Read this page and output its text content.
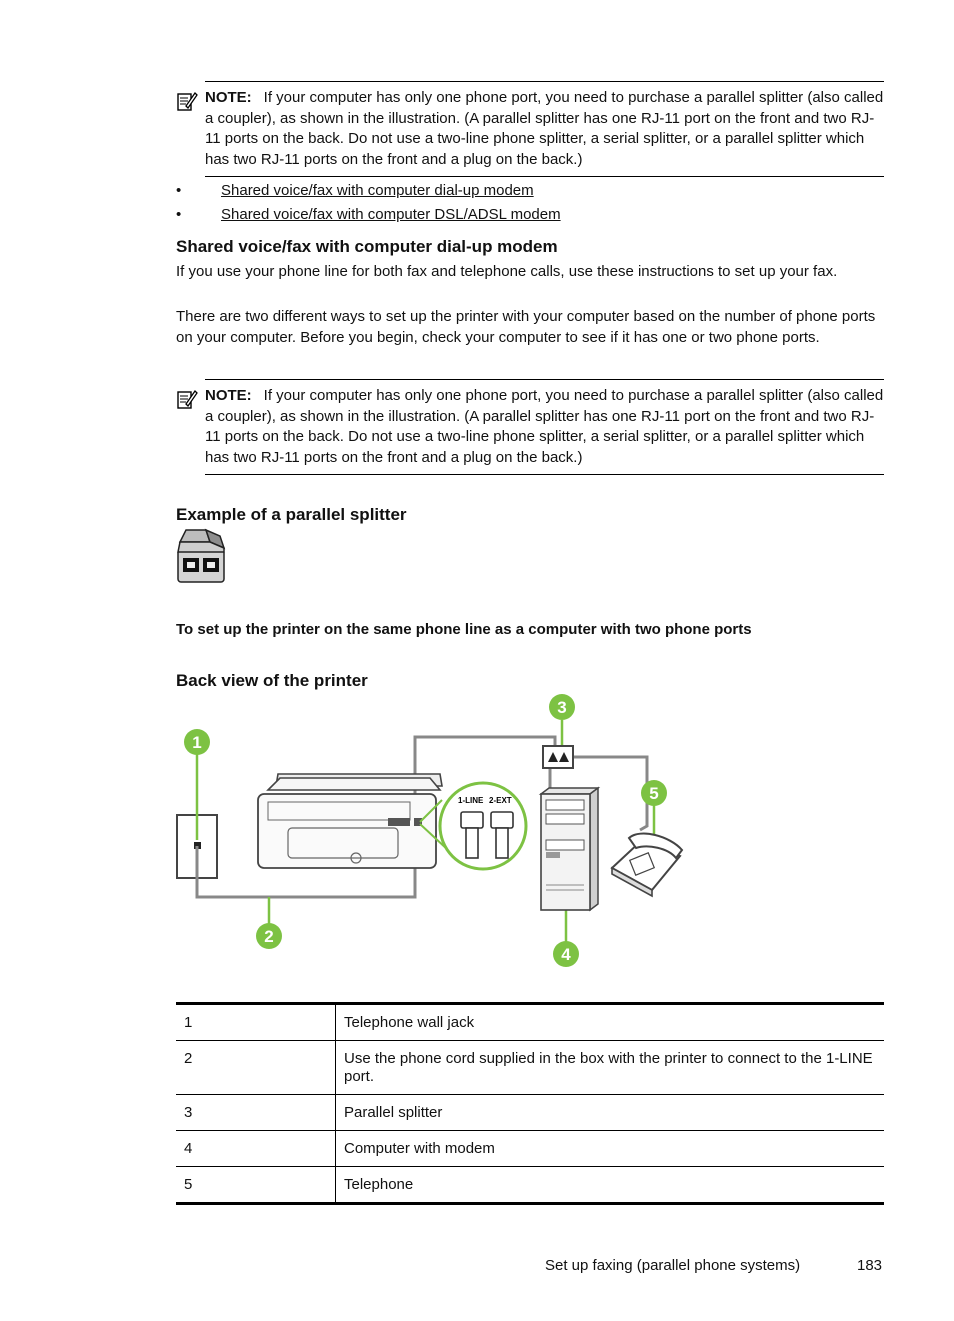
NOTE: If your computer has only one phone port, you need to purchase a parallel splitter (also called a coupler), as shown in the illustration. (A parallel splitter has one RJ-11 port on the front and two RJ-11 ports on the back. Do not use a two-line phone splitter, a serial splitter, or a parallel splitter which has two RJ-11 ports on the front and a plug on the back.)
•	Shared voice/fax with computer dial-up modem
•	Shared voice/fax with computer DSL/ADSL modem
Shared voice/fax with computer dial-up modem

If you use your phone line for both fax and telephone calls, use these instructions to set up your fax.

There are two different ways to set up the printer with your computer based on the number of phone ports on your computer. Before you begin, check your computer to see if it has one or two phone ports.

NOTE: If your computer has only one phone port, you need to purchase a parallel splitter (also called a coupler), as shown in the illustration. (A parallel splitter has one RJ-11 port on the front and two RJ-11 ports on the back. Do not use a two-line phone splitter, a serial splitter, or a parallel splitter which has two RJ-11 ports on the front and a plug on the back.)
Example of a parallel splitter
To set up the printer on the same phone line as a computer with two phone ports
Back view of the printer
1-LINE 2-EXT
1
2
3
4
5
1	Telephone wall jack
2	Use the phone cord supplied in the box with the printer to connect to the 1-LINE port.
3	Parallel splitter
4	Computer with modem
5	Telephone
Set up faxing (parallel phone systems)	183
